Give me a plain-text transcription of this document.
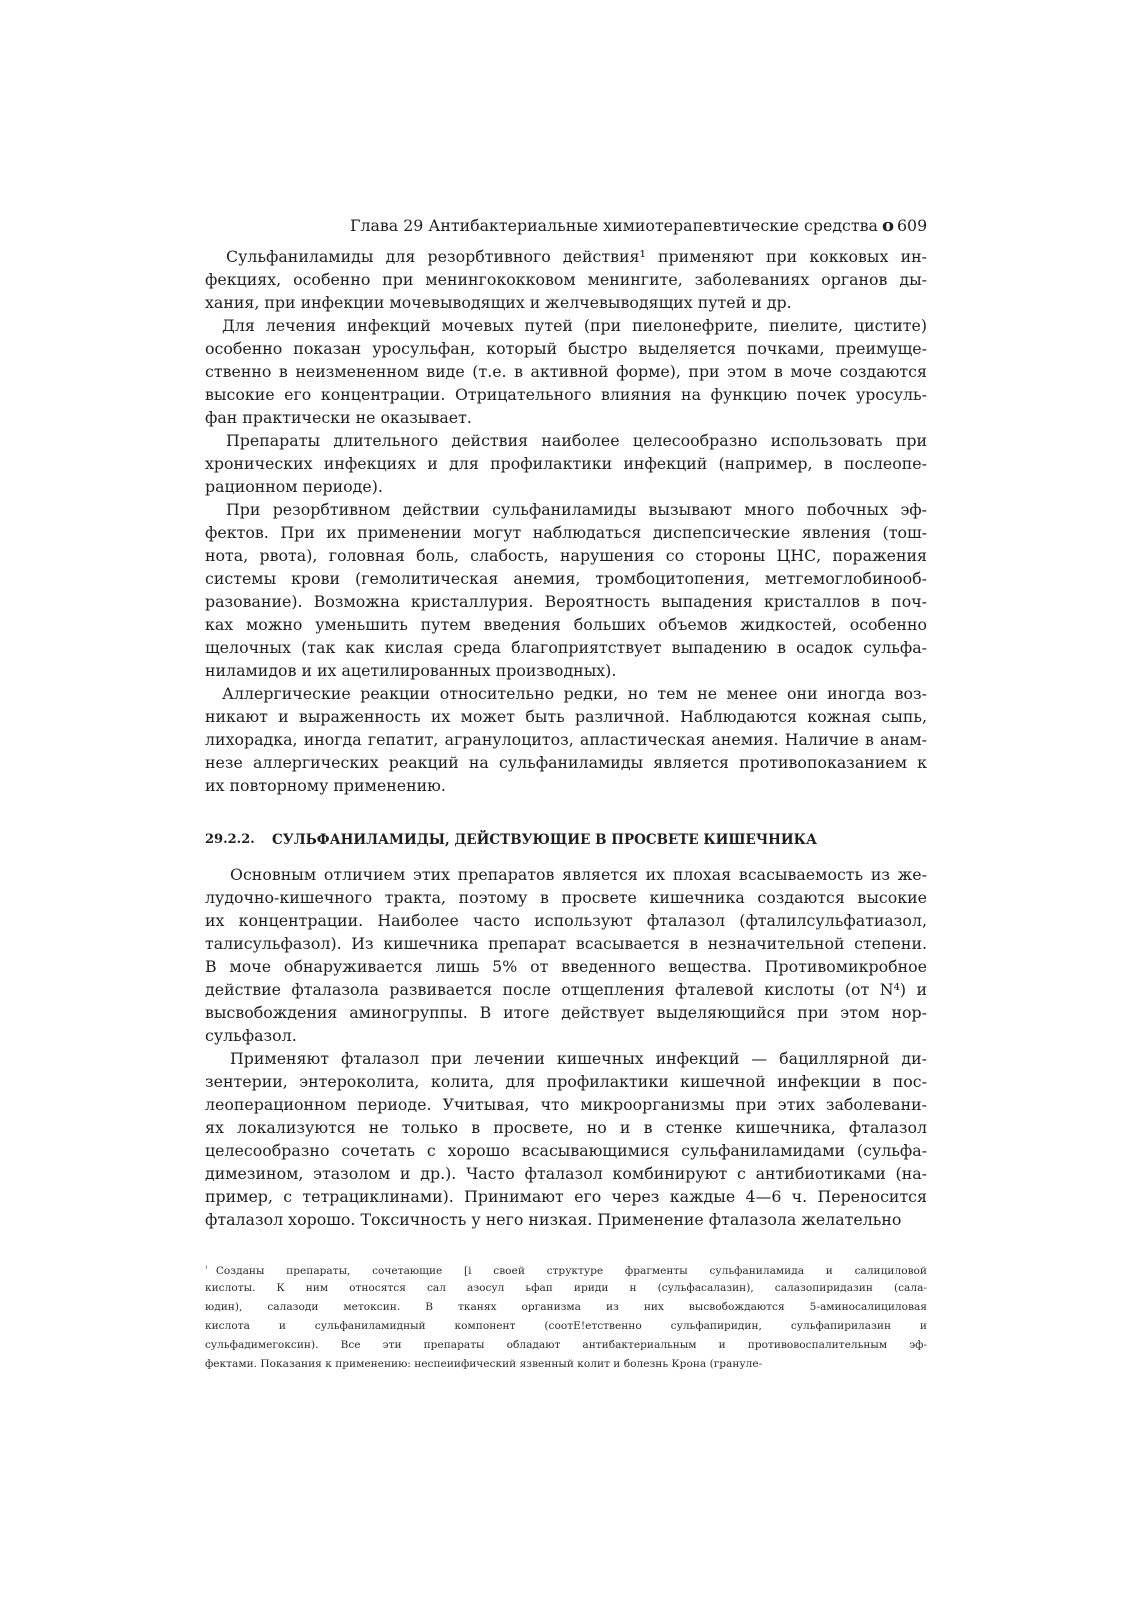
Глава 29 Антибактериальные химиотерапевтические средства о 609
Сульфаниламиды для резорбтивного действия¹ применяют при кокковых ин-
фекциях, особенно при менингококковом менингите, заболеваниях органов ды-
хания, при инфекции мочевыводящих и желчевыводящих путей и др.
Для лечения инфекций мочевых путей (при пиелонефрите, пиелите, цистите)
особенно показан уросульфан, который быстро выделяется почками, преимуще-
ственно в неизмененном виде (т.е. в активной форме), при этом в моче создаются
высокие его концентрации. Отрицательного влияния на функцию почек уросуль-
фан практически не оказывает.
Препараты длительного действия наиболее целесообразно использовать при
хронических инфекциях и для профилактики инфекций (например, в послеопе-
рационном периоде).
При резорбтивном действии сульфаниламиды вызывают много побочных эф-
фектов. При их применении могут наблюдаться диспепсические явления (тош-
нота, рвота), головная боль, слабость, нарушения со стороны ЦНС, поражения
системы крови (гемолитическая анемия, тромбоцитопения, метгемоглобинооб-
разование). Возможна кристаллурия. Вероятность выпадения кристаллов в поч-
ках можно уменьшить путем введения больших объемов жидкостей, особенно
щелочных (так как кислая среда благоприятствует выпадению в осадок сульфа-
ниламидов и их ацетилированных производных).
Аллергические реакции относительно редки, но тем не менее они иногда воз-
никают и выраженность их может быть различной. Наблюдаются кожная сыпь,
лихорадка, иногда гепатит, агранулоцитоз, апластическая анемия. Наличие в анам-
незе аллергических реакций на сульфаниламиды является противопоказанием к
их повторному применению.
29.2.2. СУЛЬФАНИЛАМИДЫ, ДЕЙСТВУЮЩИЕ В ПРОСВЕТЕ КИШЕЧНИКА
Основным отличием этих препаратов является их плохая всасываемость из же-
лудочно-кишечного тракта, поэтому в просвете кишечника создаются высокие
их концентрации. Наиболее часто используют фталазол (фталилсульфатиазол,
талисульфазол). Из кишечника препарат всасывается в незначительной степени.
В моче обнаруживается лишь 5% от введенного вещества. Противомикробное
действие фталазола развивается после отщепления фталевой кислоты (от N⁴) и
высвобождения аминогруппы. В итоге действует выделяющийся при этом нор-
сульфазол.
Применяют фталазол при лечении кишечных инфекций — бациллярной ди-
зентерии, энтероколита, колита, для профилактики кишечной инфекции в пос-
леоперационном периоде. Учитывая, что микроорганизмы при этих заболевани-
ях локализуются не только в просвете, но и в стенке кишечника, фталазол
целесообразно сочетать с хорошо всасывающимися сульфаниламидами (сульфа-
димезином, этазолом и др.). Часто фталазол комбинируют с антибиотиками (на-
пример, с тетрациклинами). Принимают его через каждые 4—6 ч. Переносится
фталазол хорошо. Токсичность у него низкая. Применение фталазола желательно
$^{^1}$ Созданы препараты, сочетающие [i своей структуре фрагменты сульфаниламида и салициловой
кислоты. К ним относятся сал азосул ьфап ириди н (сульфасалазин), салазопиридазин (сала-
юдин), салазоди метоксин. В тканях организма из них высвобождаются 5-аминосалициловая
кислота и сульфаниламидный компонент (соотЕ!етственно сульфапиридин, сульфапирилазин и
сульфадимегоксин). Все эти препараты обладают антибактериальным и противовоспалительным эф-
фектами. Показания к применению: неспеиифический язвенный колит и болезнь Крона (грануле-
